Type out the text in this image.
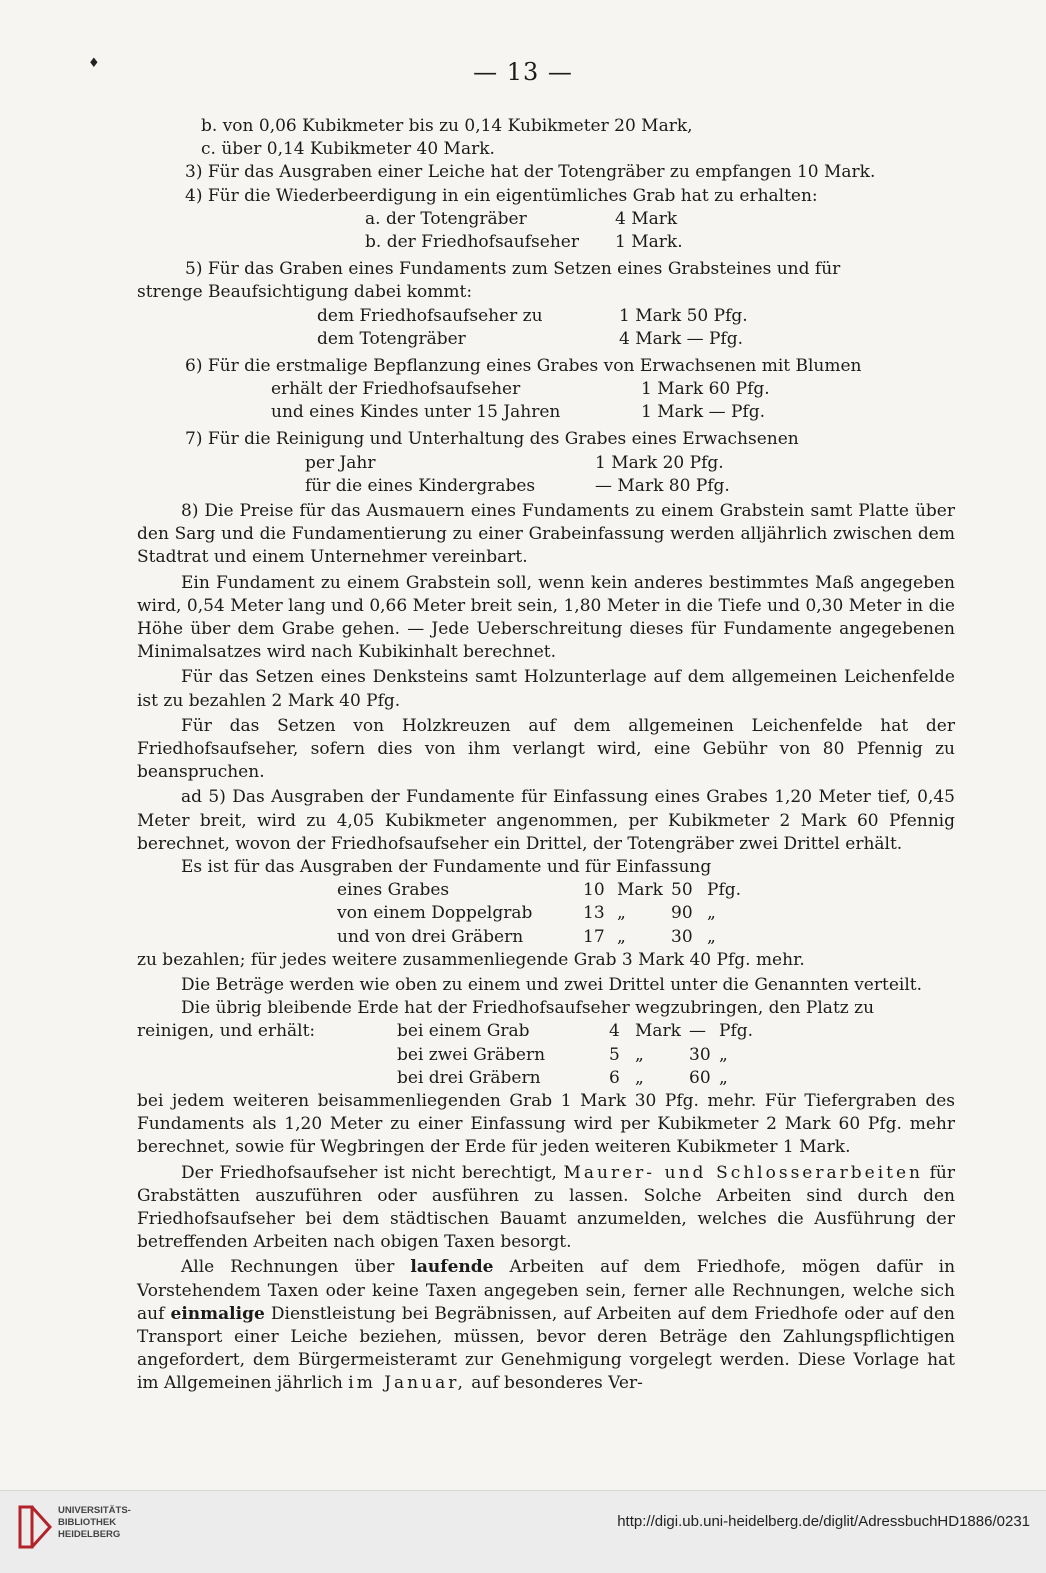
♦	— 13 —
b. von 0,06 Kubikmeter bis zu 0,14 Kubikmeter 20 Mark,
c. über 0,14 Kubikmeter 40 Mark.
3) Für das Ausgraben einer Leiche hat der Totengräber zu empfangen 10 Mark.
4) Für die Wiederbeerdigung in ein eigentümliches Grab hat zu erhalten:
a. der Totengräber	4 Mark
b. der Friedhofsaufseher	1 Mark.
5) Für das Graben eines Fundaments zum Setzen eines Grabsteines und für
strenge Beaufsichtigung dabei kommt:
dem Friedhofsaufseher zu	1 Mark 50 Pfg.
dem Totengräber	4 Mark — Pfg.
6) Für die erstmalige Bepflanzung eines Grabes von Erwachsenen mit Blumen
erhält der Friedhofsaufseher	1 Mark 60 Pfg.
und eines Kindes unter 15 Jahren	1 Mark — Pfg.
7) Für die Reinigung und Unterhaltung des Grabes eines Erwachsenen
per Jahr	1 Mark 20 Pfg.
für die eines Kindergrabes	— Mark 80 Pfg.

8) Die Preise für das Ausmauern eines Fundaments zu einem Grabstein samt Platte über den Sarg und die Fundamentierung zu einer Grabeinfassung werden alljährlich zwischen dem Stadtrat und einem Unternehmer vereinbart.

Ein Fundament zu einem Grabstein soll, wenn kein anderes bestimmtes Maß angegeben wird, 0,54 Meter lang und 0,66 Meter breit sein, 1,80 Meter in die Tiefe und 0,30 Meter in die Höhe über dem Grabe gehen. — Jede Ueberschreitung dieses für Fundamente angegebenen Minimalsatzes wird nach Kubikinhalt berechnet.

Für das Setzen eines Denksteins samt Holzunterlage auf dem allgemeinen Leichenfelde ist zu bezahlen 2 Mark 40 Pfg.

Für das Setzen von Holzkreuzen auf dem allgemeinen Leichenfelde hat der Friedhofsaufseher, sofern dies von ihm verlangt wird, eine Gebühr von 80 Pfennig zu beanspruchen.

ad 5) Das Ausgraben der Fundamente für Einfassung eines Grabes 1,20 Meter tief, 0,45 Meter breit, wird zu 4,05 Kubikmeter angenommen, per Kubikmeter 2 Mark 60 Pfennig berechnet, wovon der Friedhofsaufseher ein Drittel, der Totengräber zwei Drittel erhält.

Es ist für das Ausgraben der Fundamente und für Einfassung
eines Grabes	10 Mark 50 Pfg.
von einem Doppelgrab	13 „	90 „
und von drei Gräbern	17 „	30 „
zu bezahlen; für jedes weitere zusammenliegende Grab 3 Mark 40 Pfg. mehr.

Die Beträge werden wie oben zu einem und zwei Drittel unter die Genannten verteilt.

Die übrig bleibende Erde hat der Friedhofsaufseher wegzubringen, den Platz zu
reinigen, und erhält:	bei einem Grab	4 Mark — Pfg.
bei zwei Gräbern	5 „	30 „
bei drei Gräbern	6 „	60 „

bei jedem weiteren beisammenliegenden Grab 1 Mark 30 Pfg. mehr. Für Tiefergraben des Fundaments als 1,20 Meter zu einer Einfassung wird per Kubikmeter 2 Mark 60 Pfg. mehr berechnet, sowie für Wegbringen der Erde für jeden weiteren Kubikmeter 1 Mark.

Der Friedhofsaufseher ist nicht berechtigt, Maurer- und Schlosserarbeiten für Grabstätten auszuführen oder ausführen zu lassen. Solche Arbeiten sind durch den Friedhofsaufseher bei dem städtischen Bauamt anzumelden, welches die Ausführung der betreffenden Arbeiten nach obigen Taxen besorgt.

Alle Rechnungen über laufende Arbeiten auf dem Friedhofe, mögen dafür in Vorstehendem Taxen oder keine Taxen angegeben sein, ferner alle Rechnungen, welche sich auf einmalige Dienstleistung bei Begräbnissen, auf Arbeiten auf dem Friedhofe oder auf den Transport einer Leiche beziehen, müssen, bevor deren Beträge den Zahlungspflichtigen angefordert, dem Bürgermeisteramt zur Genehmigung vorgelegt werden. Diese Vorlage hat im Allgemeinen jährlich im Januar, auf besonderes Ver-

UNIVERSITÄTS-
BIBLIOTHEK
HEIDELBERG
http://digi.ub.uni-heidelberg.de/diglit/AdressbuchHD1886/0231
